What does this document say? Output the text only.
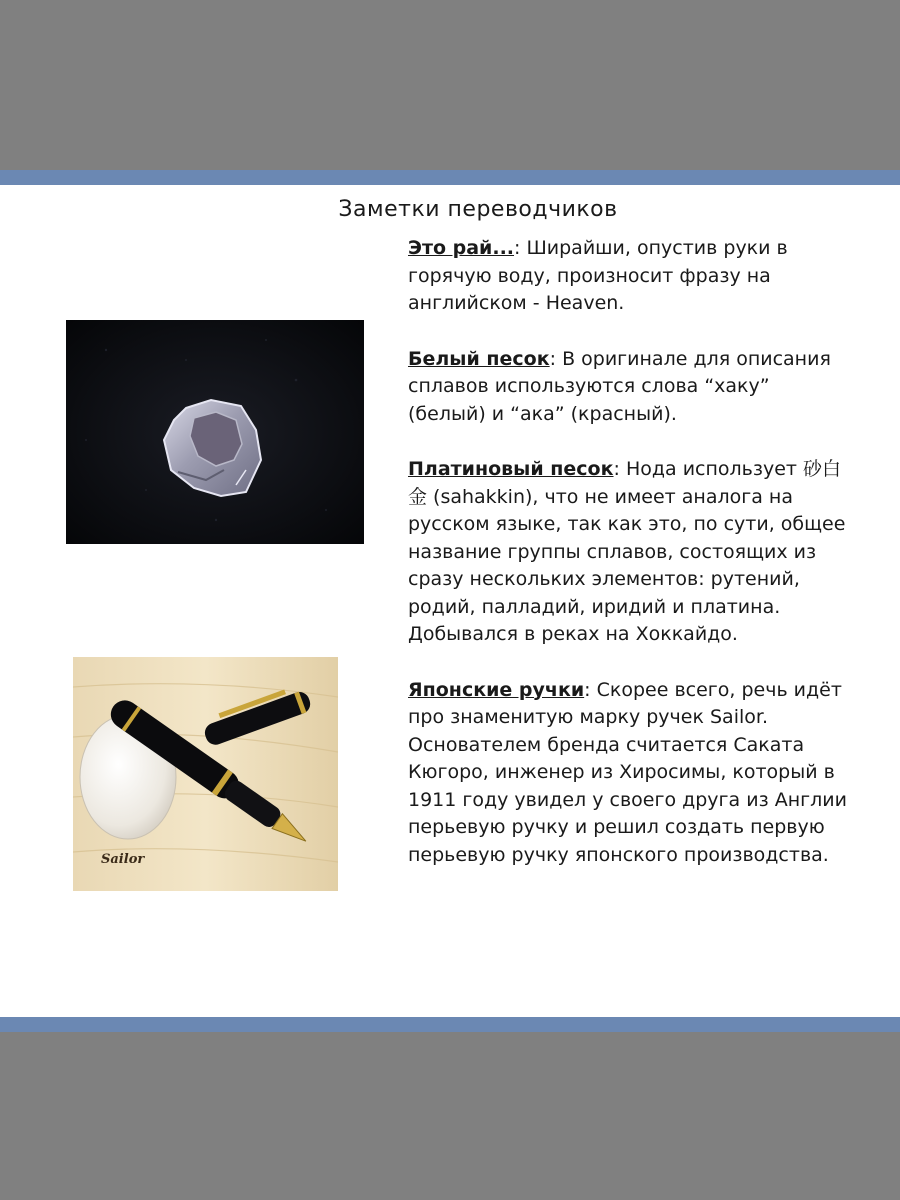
Заметки переводчиков
Sailor

Это рай...: Ширайши, опустив руки в горячую воду, произносит фразу на английском - Heaven.

Белый песок: В оригинале для описания сплавов используются слова “хаку” (белый) и “ака” (красный).

Платиновый песок: Нода использует 砂白金 (sahakkin), что не имеет аналога на русском языке, так как это, по сути, общее название группы сплавов, состоящих из сразу нескольких элементов: рутений, родий, палладий, иридий и платина. Добывался в реках на Хоккайдо.

Японские ручки: Скорее всего, речь идёт про знаменитую марку ручек Sailor. Основателем бренда считается Саката Кюгоро, инженер из Хиросимы, который в 1911 году увидел у своего друга из Англии перьевую ручку и решил создать первую перьевую ручку японского производства.
